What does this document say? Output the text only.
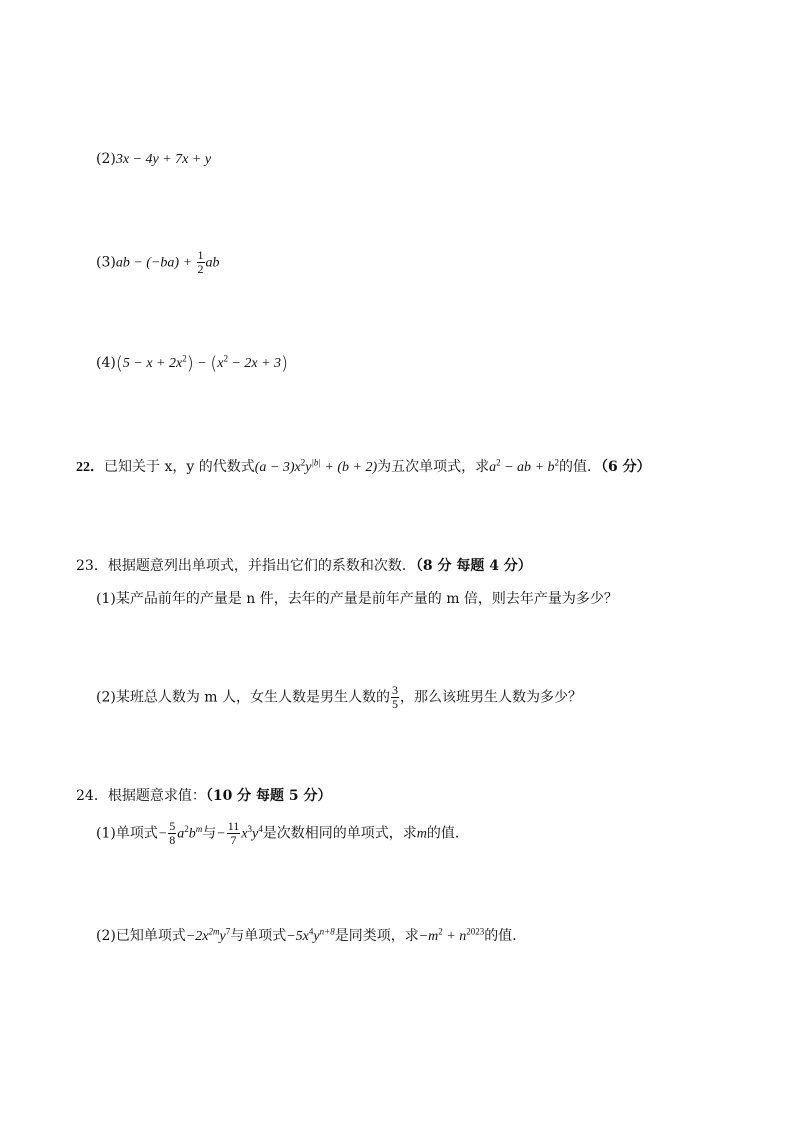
(2)3x − 4y + 7x + y
$(3)ab - (-ba) + \frac{1}{2}$ ab
$(4)(5 - x + 2x^2) - (x^2 - 2x + 3)$
22．已知关于 x，y 的代数式$(a - 3)x^2y^{|b|} + (b + 2)$为五次单项式，求$a^2$ − ab + $b^2$的值．（6 分）
23．根据题意列出单项式，并指出它们的系数和次数．（8 分 每题 4 分）
(1)某产品前年的产量是 n 件，去年的产量是前年产量的 m 倍，则去年产量为多少？
(2)某班总人数为 m 人，女生人数是男生人数的 $\frac{3}{5}$ ，那么该班男生人数为多少？
24．根据题意求值：（10 分 每题 5 分）
(1)单项式− $\frac{5}{8} a^2b^m$与− $\frac{11}{7} x^3y^4$是次数相同的单项式，求m的值．
(2)已知单项式$-2x^{2m}y^7$与单项式$-5x^4y^{n+8}$是同类项，求$-m^2 + n^{2023}$的值．
